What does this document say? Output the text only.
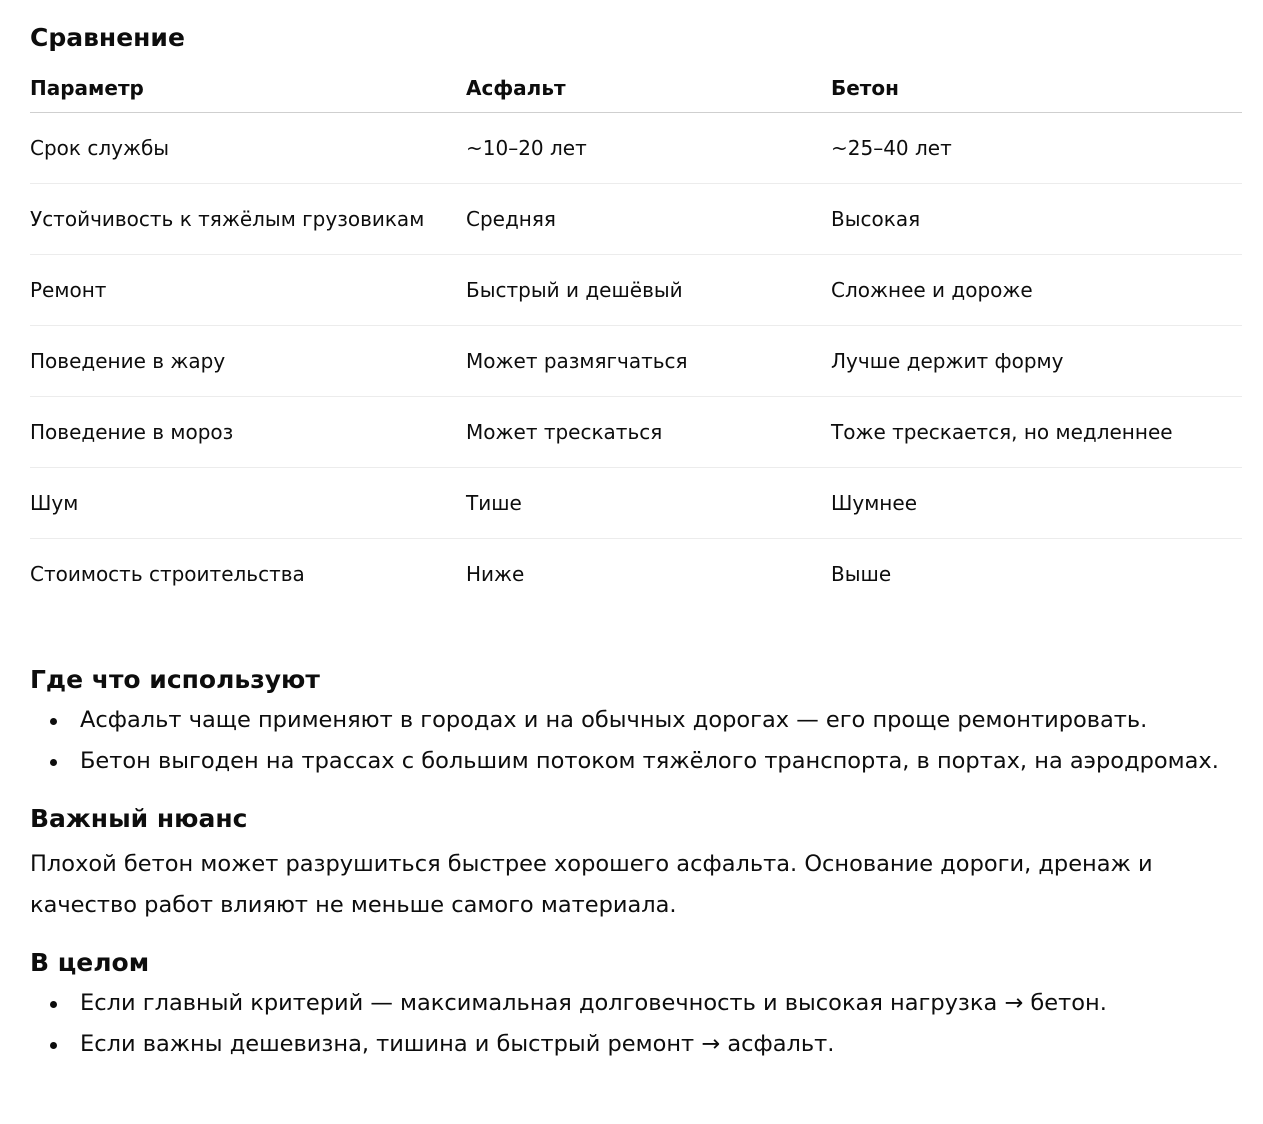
Сравнение
Параметр	Асфальт	Бетон
Срок службы	~10–20 лет	~25–40 лет
Устойчивость к тяжёлым грузовикам	Средняя	Высокая
Ремонт	Быстрый и дешёвый	Сложнее и дороже
Поведение в жару	Может размягчаться	Лучше держит форму
Поведение в мороз	Может трескаться	Тоже трескается, но медленнее
Шум	Тише	Шумнее
Стоимость строительства	Ниже	Выше
Где что используют
Асфальт чаще применяют в городах и на обычных дорогах — его проще ремонтировать.
Бетон выгоден на трассах с большим потоком тяжёлого транспорта, в портах, на аэродромах.
Важный нюанс

Плохой бетон может разрушиться быстрее хорошего асфальта. Основание дороги, дренаж и качество работ влияют не меньше самого материала.

В целом
Если главный критерий — максимальная долговечность и высокая нагрузка → бетон.
Если важны дешевизна, тишина и быстрый ремонт → асфальт.
